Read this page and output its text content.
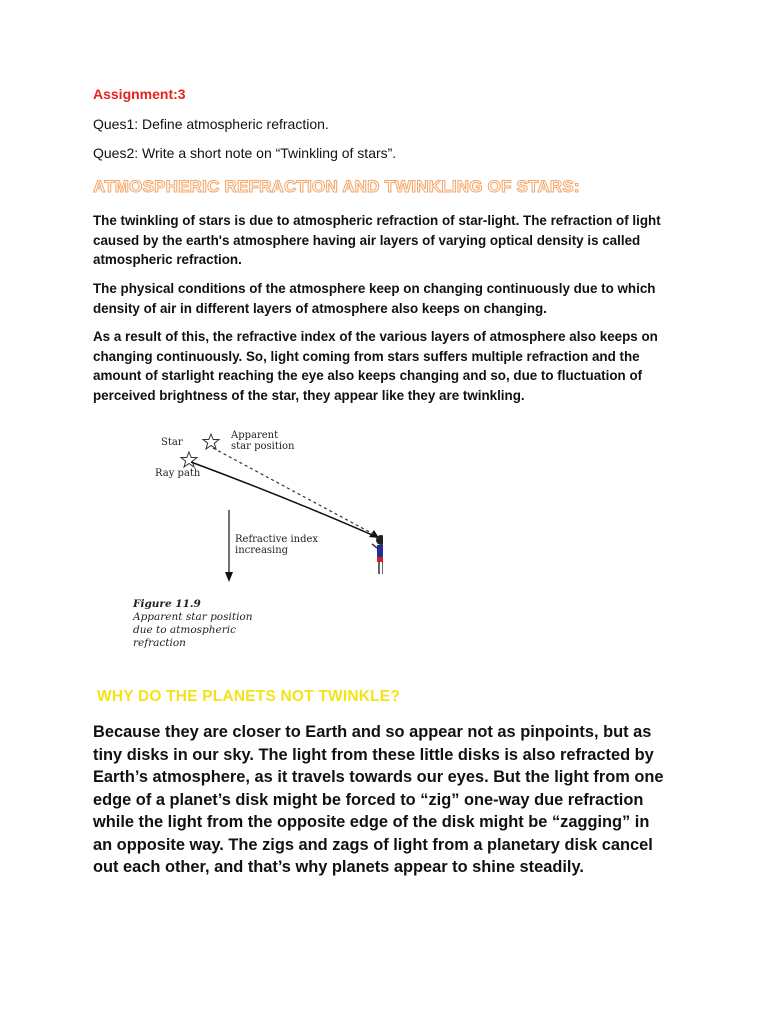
Assignment:3
Ques1: Define atmospheric refraction.
Ques2: Write a short note on “Twinkling of stars”.
ATMOSPHERIC REFRACTION AND TWINKLING OF STARS:
The twinkling of stars is due to atmospheric refraction of star-light. The refraction of light caused by the earth's atmosphere having air layers of varying optical density is called atmospheric refraction.
The physical conditions of the atmosphere keep on changing continuously due to which density of air in different layers of atmosphere also keeps on changing.
As a result of this, the refractive index of the various layers of atmosphere also keeps on changing continuously. So, light coming from stars suffers multiple refraction and the amount of starlight reaching the eye also keeps changing and so, due to fluctuation of perceived brightness of the star, they appear like they are twinkling.
Star
Apparent
star position
Ray path
Refractive index
increasing
Figure 11.9
Apparent star position
due to atmospheric
refraction
WHY DO THE PLANETS NOT TWINKLE?
Because they are closer to Earth and so appear not as pinpoints, but as tiny disks in our sky. The light from these little disks is also refracted by Earth’s atmosphere, as it travels towards our eyes. But the light from one edge of a planet’s disk might be forced to “zig” one-way due refraction while the light from the opposite edge of the disk might be “zagging” in an opposite way. The zigs and zags of light from a planetary disk cancel out each other, and that’s why planets appear to shine steadily.
